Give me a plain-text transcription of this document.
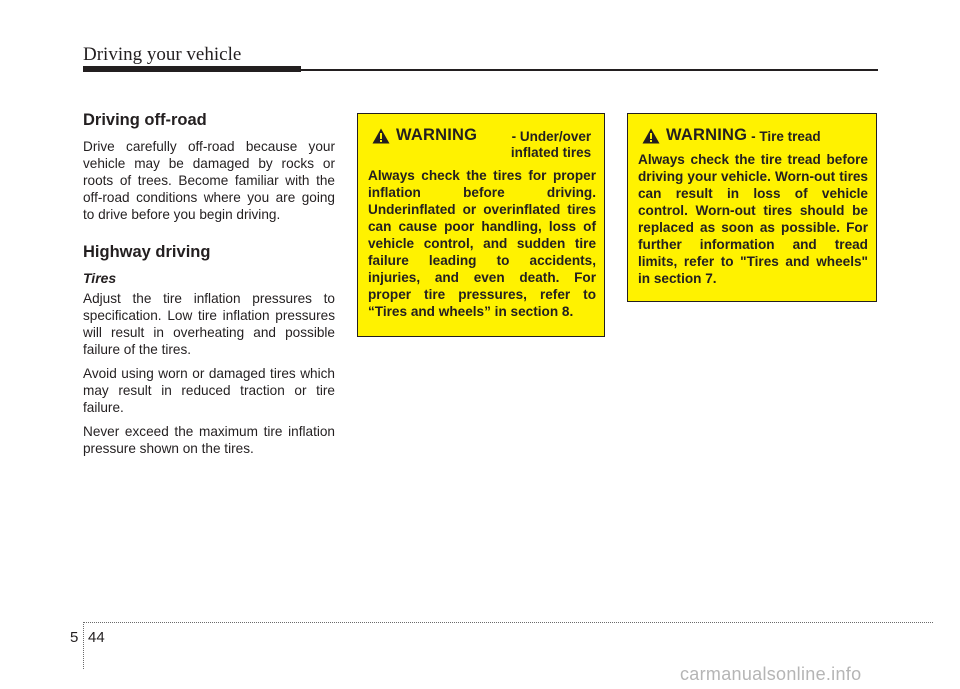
Driving your vehicle
Driving off-road

Drive carefully off-road because your vehicle may be damaged by rocks or roots of trees. Become familiar with the off-road conditions where you are going to drive before you begin driving.

Highway driving
Tires

Adjust the tire inflation pressures to specification. Low tire inflation pressures will result in overheating and possible failure of the tires.

Avoid using worn or damaged tires which may result in reduced traction or tire failure.

Never exceed the maximum tire inflation pressure shown on the tires.

WARNING	- Under/over inflated tires
Always check the tires for proper inflation before driving. Underinflated or overinflated tires can cause poor handling, loss of vehicle control, and sudden tire failure leading to accidents, injuries, and even death. For proper tire pressures, refer to “Tires and wheels” in section 8.
WARNING - Tire tread
Always check the tire tread before driving your vehicle. Worn-out tires can result in loss of vehicle control. Worn-out tires should be replaced as soon as possible. For further information and tread limits, refer to "Tires and wheels" in section 7.
5 44
carmanualsonline.info
